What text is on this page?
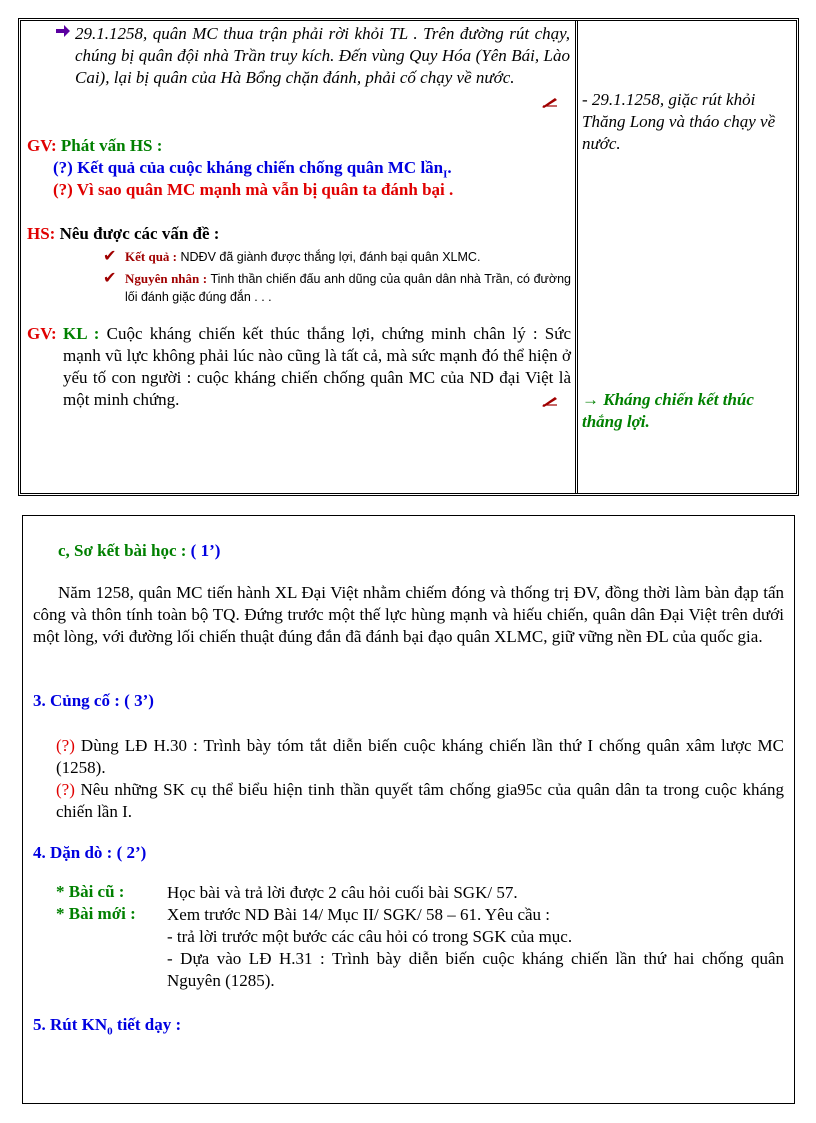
29.1.1258, quân MC thua trận phải rời khỏi TL . Trên đường rút chạy, chúng bị quân đội nhà Trần truy kích. Đến vùng Quy Hóa (Yên Bái, Lào Cai), lại bị quân của Hà Bổng chặn đánh, phải cố chạy về nước.

GV: Phát vấn HS :
(?) Kết quả của cuộc kháng chiến chống quân MC lần$_I$.
(?) Vì sao quân MC mạnh mà vẫn bị quân ta đánh bại .
HS: Nêu được các vấn đề :
✔ Kết quả : NDĐV đã giành được thắng lợi, đánh bại quân XLMC.
✔ Nguyên nhân : Tinh thần chiến đấu anh dũng của quân dân nhà Trần, có đường lối đánh giặc đúng đắn . . .
GV: KL : Cuộc kháng chiến kết thúc thắng lợi, chứng minh chân lý : Sức mạnh vũ lực không phải lúc nào cũng là tất cả, mà sức mạnh đó thể hiện ở yếu tố con người : cuộc kháng chiến chống quân MC của ND đại Việt là một minh chứng.

- 29.1.1258, giặc rút khỏi Thăng Long và tháo chạy về nước.

→ Kháng chiến kết thúc thắng lợi.

c, Sơ kết bài học : ( 1’)

Năm 1258, quân MC tiến hành XL Đại Việt nhằm chiếm đóng và thống trị ĐV, đồng thời làm bàn đạp tấn công và thôn tính toàn bộ TQ. Đứng trước một thế lực hùng mạnh và hiếu chiến, quân dân Đại Việt trên dưới một lòng, với đường lối chiến thuật đúng đắn đã đánh bại đạo quân XLMC, giữ vững nền ĐL của quốc gia.

3. Củng cố : ( 3’)

(?) Dùng LĐ H.30 : Trình bày tóm tắt diễn biến cuộc kháng chiến lần thứ I chống quân xâm lược MC (1258).

(?) Nêu những SK cụ thể biểu hiện tinh thần quyết tâm chống gia95c của quân dân ta trong cuộc kháng chiến lần I.

4. Dặn dò : ( 2’)
* Bài cũ :	Học bài và trả lời được 2 câu hỏi cuối bài SGK/ 57.
* Bài mới : Xem trước ND Bài 14/ Mục II/ SGK/ 58 – 61. Yêu cầu :
- trả lời trước một bước các câu hỏi có trong SGK của mục.

- Dựa vào LĐ H.31 : Trình bày diễn biến cuộc kháng chiến lần thứ hai chống quân Nguyên (1285).

5. Rút $KN_0$ tiết dạy :
